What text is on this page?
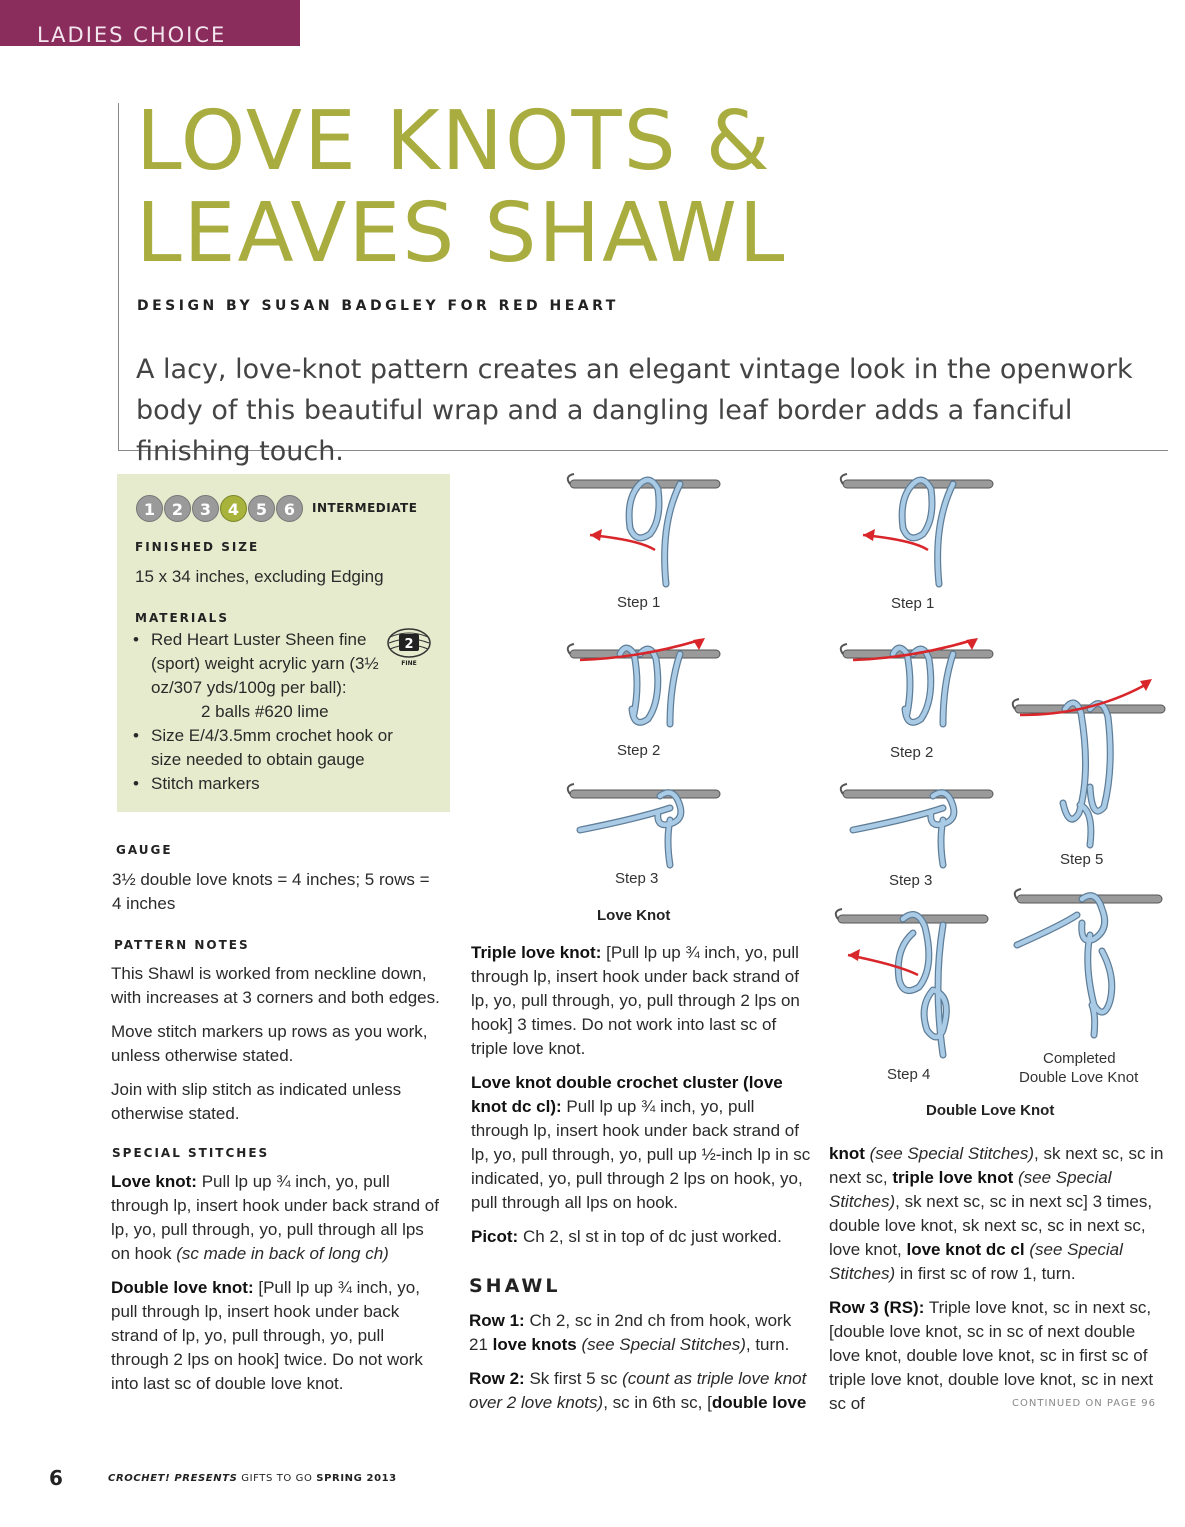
LADIES CHOICE
LOVE KNOTS & LEAVES SHAWL
DESIGN BY SUSAN BADGLEY FOR RED HEART

A lacy, love-knot pattern creates an elegant vintage look in the openwork body of this beautiful wrap and a dangling leaf border adds a fanciful finishing touch.

1	2	3	4	5	6	INTERMEDIATE
FINISHED SIZE
15 x 34 inches, excluding Edging
MATERIALS
• Red Heart Luster Sheen fine (sport) weight acrylic yarn (3½ oz/307 yds/100g per ball):
2 balls #620 lime
• Size E/4/3.5mm crochet hook or size needed to obtain gauge
• Stitch markers
2
FINE
GAUGE
3½ double love knots = 4 inches; 5 rows = 4 inches
PATTERN NOTES

This Shawl is worked from neckline down, with increases at 3 corners and both edges.

Move stitch markers up rows as you work, unless otherwise stated.

Join with slip stitch as indicated unless otherwise stated.

SPECIAL STITCHES

Love knot: Pull lp up ¾ inch, yo, pull through lp, insert hook under back strand of lp, yo, pull through, yo, pull through all lps on hook (sc made in back of long ch)

Double love knot: [Pull lp up ¾ inch, yo, pull through lp, insert hook under back strand of lp, yo, pull through, yo, pull through 2 lps on hook] twice. Do not work into last sc of double love knot.

Triple love knot: [Pull lp up ¾ inch, yo, pull through lp, insert hook under back strand of lp, yo, pull through, yo, pull through 2 lps on hook] 3 times. Do not work into last sc of triple love knot.

Love knot double crochet cluster (love knot dc cl): Pull lp up ¾ inch, yo, pull through lp, insert hook under back strand of lp, yo, pull through, yo, pull up ½-inch lp in sc indicated, yo, pull through 2 lps on hook, yo, pull through all lps on hook.

Picot: Ch 2, sl st in top of dc just worked.

SHAWL

Row 1: Ch 2, sc in 2nd ch from hook, work 21 love knots (see Special Stitches), turn.

Row 2: Sk first 5 sc (count as triple love knot over 2 love knots), sc in 6th sc, [double love

knot (see Special Stitches), sk next sc, sc in next sc, triple love knot (see Special Stitches), sk next sc, sc in next sc] 3 times, double love knot, sk next sc, sc in next sc, love knot, love knot dc cl (see Special Stitches) in first sc of row 1, turn.

Row 3 (RS): Triple love knot, sc in next sc, [double love knot, sc in sc of next double love knot, double love knot, sc in first sc of triple love knot, double love knot, sc in next sc of	CONTINUED ON PAGE 96
Step 1
Step 2
Step 3
Love Knot
Step 1
Step 2
Step 3
Step 4
Step 5
Completed
Double Love Knot
Double Love Knot
6	CROCHET! PRESENTS GIFTS TO GO SPRING 2013
